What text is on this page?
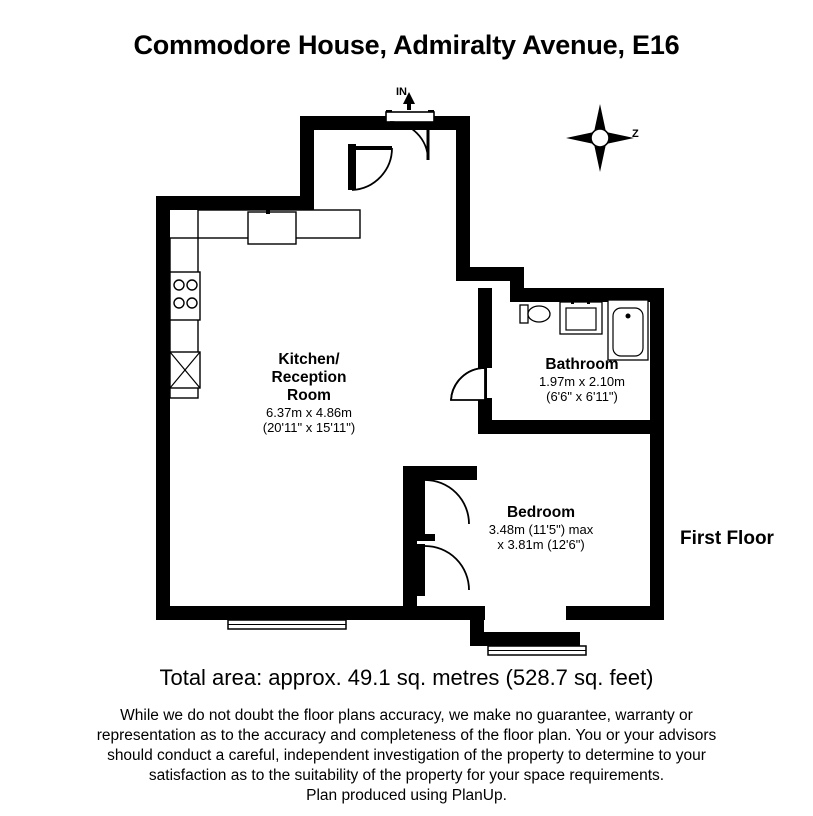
Commodore House, Admiralty Avenue, E16
IN
Z
Kitchen/
Reception
Room
6.37m x 4.86m
(20'11" x 15'11")
Bathroom
1.97m x 2.10m
(6'6" x 6'11")
Bedroom
3.48m (11'5") max
x 3.81m (12'6")	First Floor
Total area: approx. 49.1 sq. metres (528.7 sq. feet)
While we do not doubt the floor plans accuracy, we make no guarantee, warranty or
representation as to the accuracy and completeness of the floor plan. You or your advisors
should conduct a careful, independent investigation of the property to determine to your
satisfaction as to the suitability of the property for your space requirements.
Plan produced using PlanUp.
